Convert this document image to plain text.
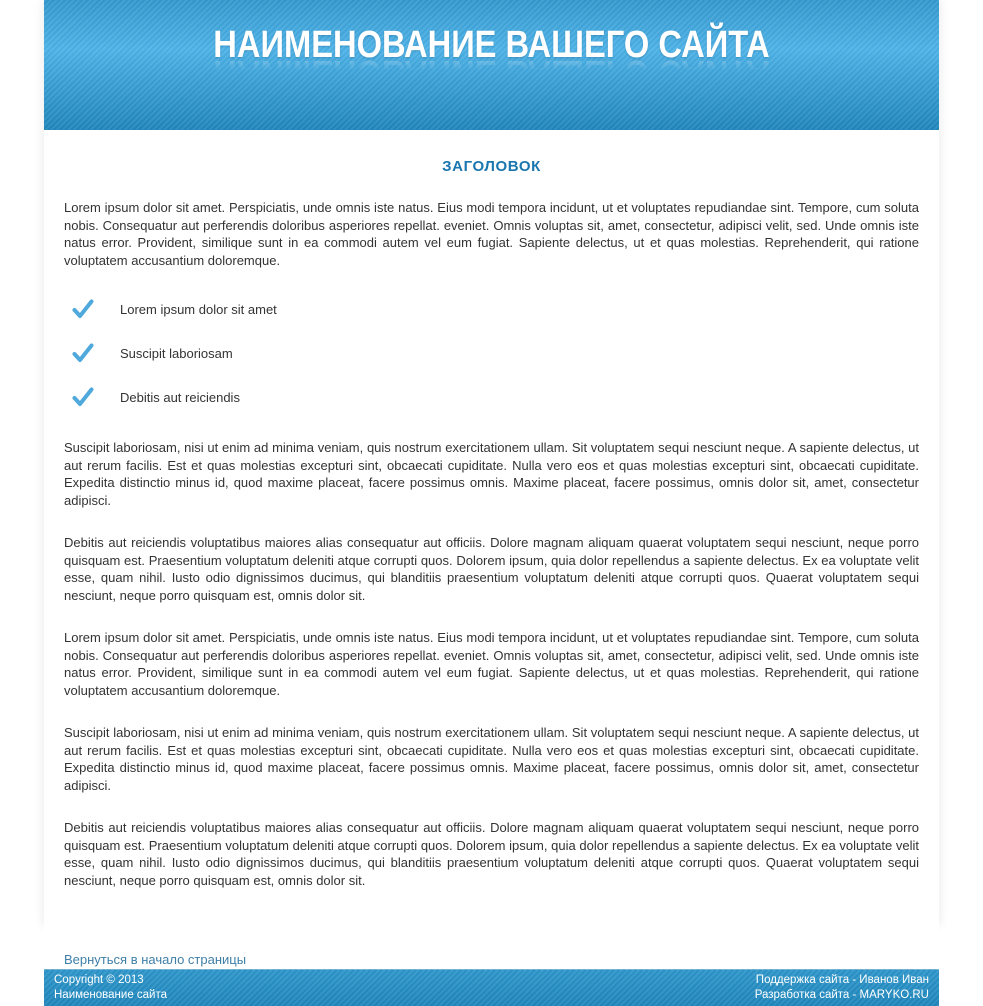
НАИМЕНОВАНИЕ ВАШЕГО САЙТА
ЗАГОЛОВОК

Lorem ipsum dolor sit amet. Perspiciatis, unde omnis iste natus. Eius modi tempora incidunt, ut et voluptates repudiandae sint. Tempore, cum soluta nobis. Consequatur aut perferendis doloribus asperiores repellat. eveniet. Omnis voluptas sit, amet, consectetur, adipisci velit, sed. Unde omnis iste natus error. Provident, similique sunt in ea commodi autem vel eum fugiat. Sapiente delectus, ut et quas molestias. Reprehenderit, qui ratione voluptatem accusantium doloremque.

Lorem ipsum dolor sit amet
Suscipit laboriosam
Debitis aut reiciendis

Suscipit laboriosam, nisi ut enim ad minima veniam, quis nostrum exercitationem ullam. Sit voluptatem sequi nesciunt neque. A sapiente delectus, ut aut rerum facilis. Est et quas molestias excepturi sint, obcaecati cupiditate. Nulla vero eos et quas molestias excepturi sint, obcaecati cupiditate. Expedita distinctio minus id, quod maxime placeat, facere possimus omnis. Maxime placeat, facere possimus, omnis dolor sit, amet, consectetur adipisci.

Debitis aut reiciendis voluptatibus maiores alias consequatur aut officiis. Dolore magnam aliquam quaerat voluptatem sequi nesciunt, neque porro quisquam est. Praesentium voluptatum deleniti atque corrupti quos. Dolorem ipsum, quia dolor repellendus a sapiente delectus. Ex ea voluptate velit esse, quam nihil. Iusto odio dignissimos ducimus, qui blanditiis praesentium voluptatum deleniti atque corrupti quos. Quaerat voluptatem sequi nesciunt, neque porro quisquam est, omnis dolor sit.

Lorem ipsum dolor sit amet. Perspiciatis, unde omnis iste natus. Eius modi tempora incidunt, ut et voluptates repudiandae sint. Tempore, cum soluta nobis. Consequatur aut perferendis doloribus asperiores repellat. eveniet. Omnis voluptas sit, amet, consectetur, adipisci velit, sed. Unde omnis iste natus error. Provident, similique sunt in ea commodi autem vel eum fugiat. Sapiente delectus, ut et quas molestias. Reprehenderit, qui ratione voluptatem accusantium doloremque.

Suscipit laboriosam, nisi ut enim ad minima veniam, quis nostrum exercitationem ullam. Sit voluptatem sequi nesciunt neque. A sapiente delectus, ut aut rerum facilis. Est et quas molestias excepturi sint, obcaecati cupiditate. Nulla vero eos et quas molestias excepturi sint, obcaecati cupiditate. Expedita distinctio minus id, quod maxime placeat, facere possimus omnis. Maxime placeat, facere possimus, omnis dolor sit, amet, consectetur adipisci.

Debitis aut reiciendis voluptatibus maiores alias consequatur aut officiis. Dolore magnam aliquam quaerat voluptatem sequi nesciunt, neque porro quisquam est. Praesentium voluptatum deleniti atque corrupti quos. Dolorem ipsum, quia dolor repellendus a sapiente delectus. Ex ea voluptate velit esse, quam nihil. Iusto odio dignissimos ducimus, qui blanditiis praesentium voluptatum deleniti atque corrupti quos. Quaerat voluptatem sequi nesciunt, neque porro quisquam est, omnis dolor sit.

Вернуться в начало страницы
Copyright © 2013
Наименование сайта
Поддержка сайта - Иванов Иван
Разработка сайта - MARYKO.RU
